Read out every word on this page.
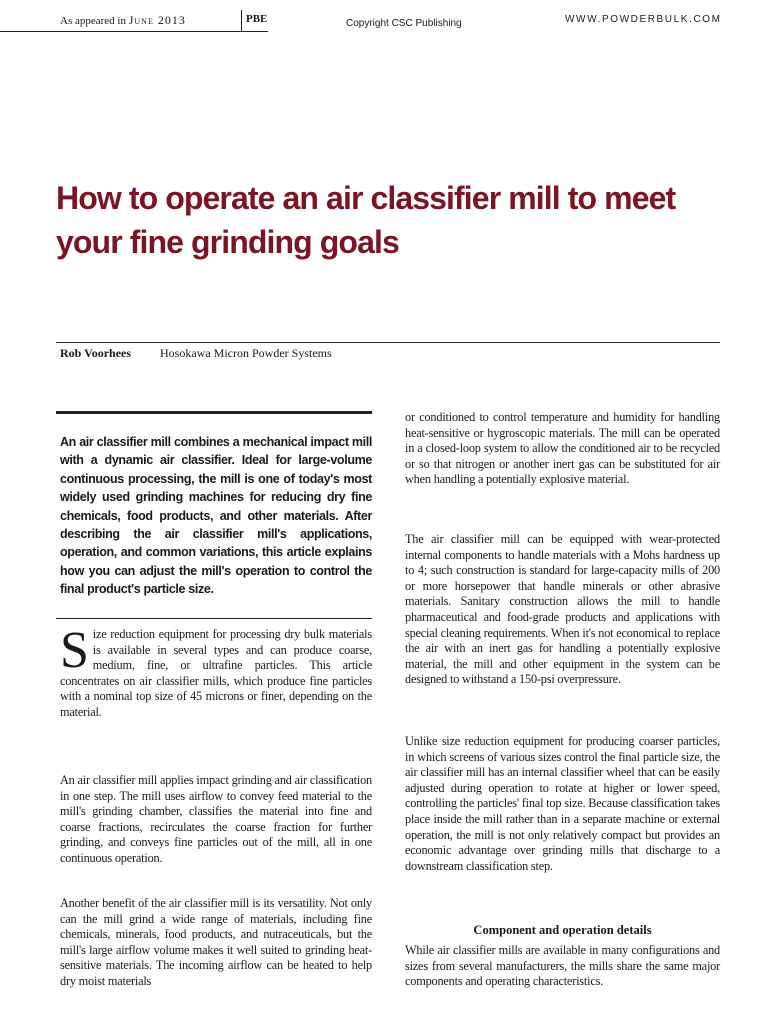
As appeared in June 2013	PBE	Copyright CSC Publishing	WWW.POWDERBULK.COM
How to operate an air classifier mill to meet your fine grinding goals
Rob Voorhees Hosokawa Micron Powder Systems

An air classifier mill combines a mechanical impact mill with a dynamic air classifier. Ideal for large-volume continuous processing, the mill is one of today's most widely used grinding machines for reducing dry fine chemicals, food products, and other materials. After describing the air classifier mill's applications, operation, and common variations, this article explains how you can adjust the mill's operation to control the final product's particle size.

Size reduction equipment for processing dry bulk materials is available in several types and can produce coarse, medium, fine, or ultrafine particles. This article concentrates on air classifier mills, which produce fine particles with a nominal top size of 45 microns or finer, depending on the material.

An air classifier mill applies impact grinding and air classification in one step. The mill uses airflow to convey feed material to the mill's grinding chamber, classifies the material into fine and coarse fractions, recirculates the coarse fraction for further grinding, and conveys fine particles out of the mill, all in one continuous operation.

Another benefit of the air classifier mill is its versatility. Not only can the mill grind a wide range of materials, including fine chemicals, minerals, food products, and nutraceuticals, but the mill's large airflow volume makes it well suited to grinding heat-sensitive materials. The incoming airflow can be heated to help dry moist materials

or conditioned to control temperature and humidity for handling heat-sensitive or hygroscopic materials. The mill can be operated in a closed-loop system to allow the conditioned air to be recycled or so that nitrogen or another inert gas can be substituted for air when handling a potentially explosive material.

The air classifier mill can be equipped with wear-protected internal components to handle materials with a Mohs hardness up to 4; such construction is standard for large-capacity mills of 200 or more horsepower that handle minerals or other abrasive materials. Sanitary construction allows the mill to handle pharmaceutical and food-grade products and applications with special cleaning requirements. When it's not economical to replace the air with an inert gas for handling a potentially explosive material, the mill and other equipment in the system can be designed to withstand a 150-psi overpressure.

Unlike size reduction equipment for producing coarser particles, in which screens of various sizes control the final particle size, the air classifier mill has an internal classifier wheel that can be easily adjusted during operation to rotate at higher or lower speed, controlling the particles' final top size. Because classification takes place inside the mill rather than in a separate machine or external operation, the mill is not only relatively compact but provides an economic advantage over grinding mills that discharge to a downstream classification step.

Component and operation details

While air classifier mills are available in many configurations and sizes from several manufacturers, the mills share the same major components and operating characteristics.
